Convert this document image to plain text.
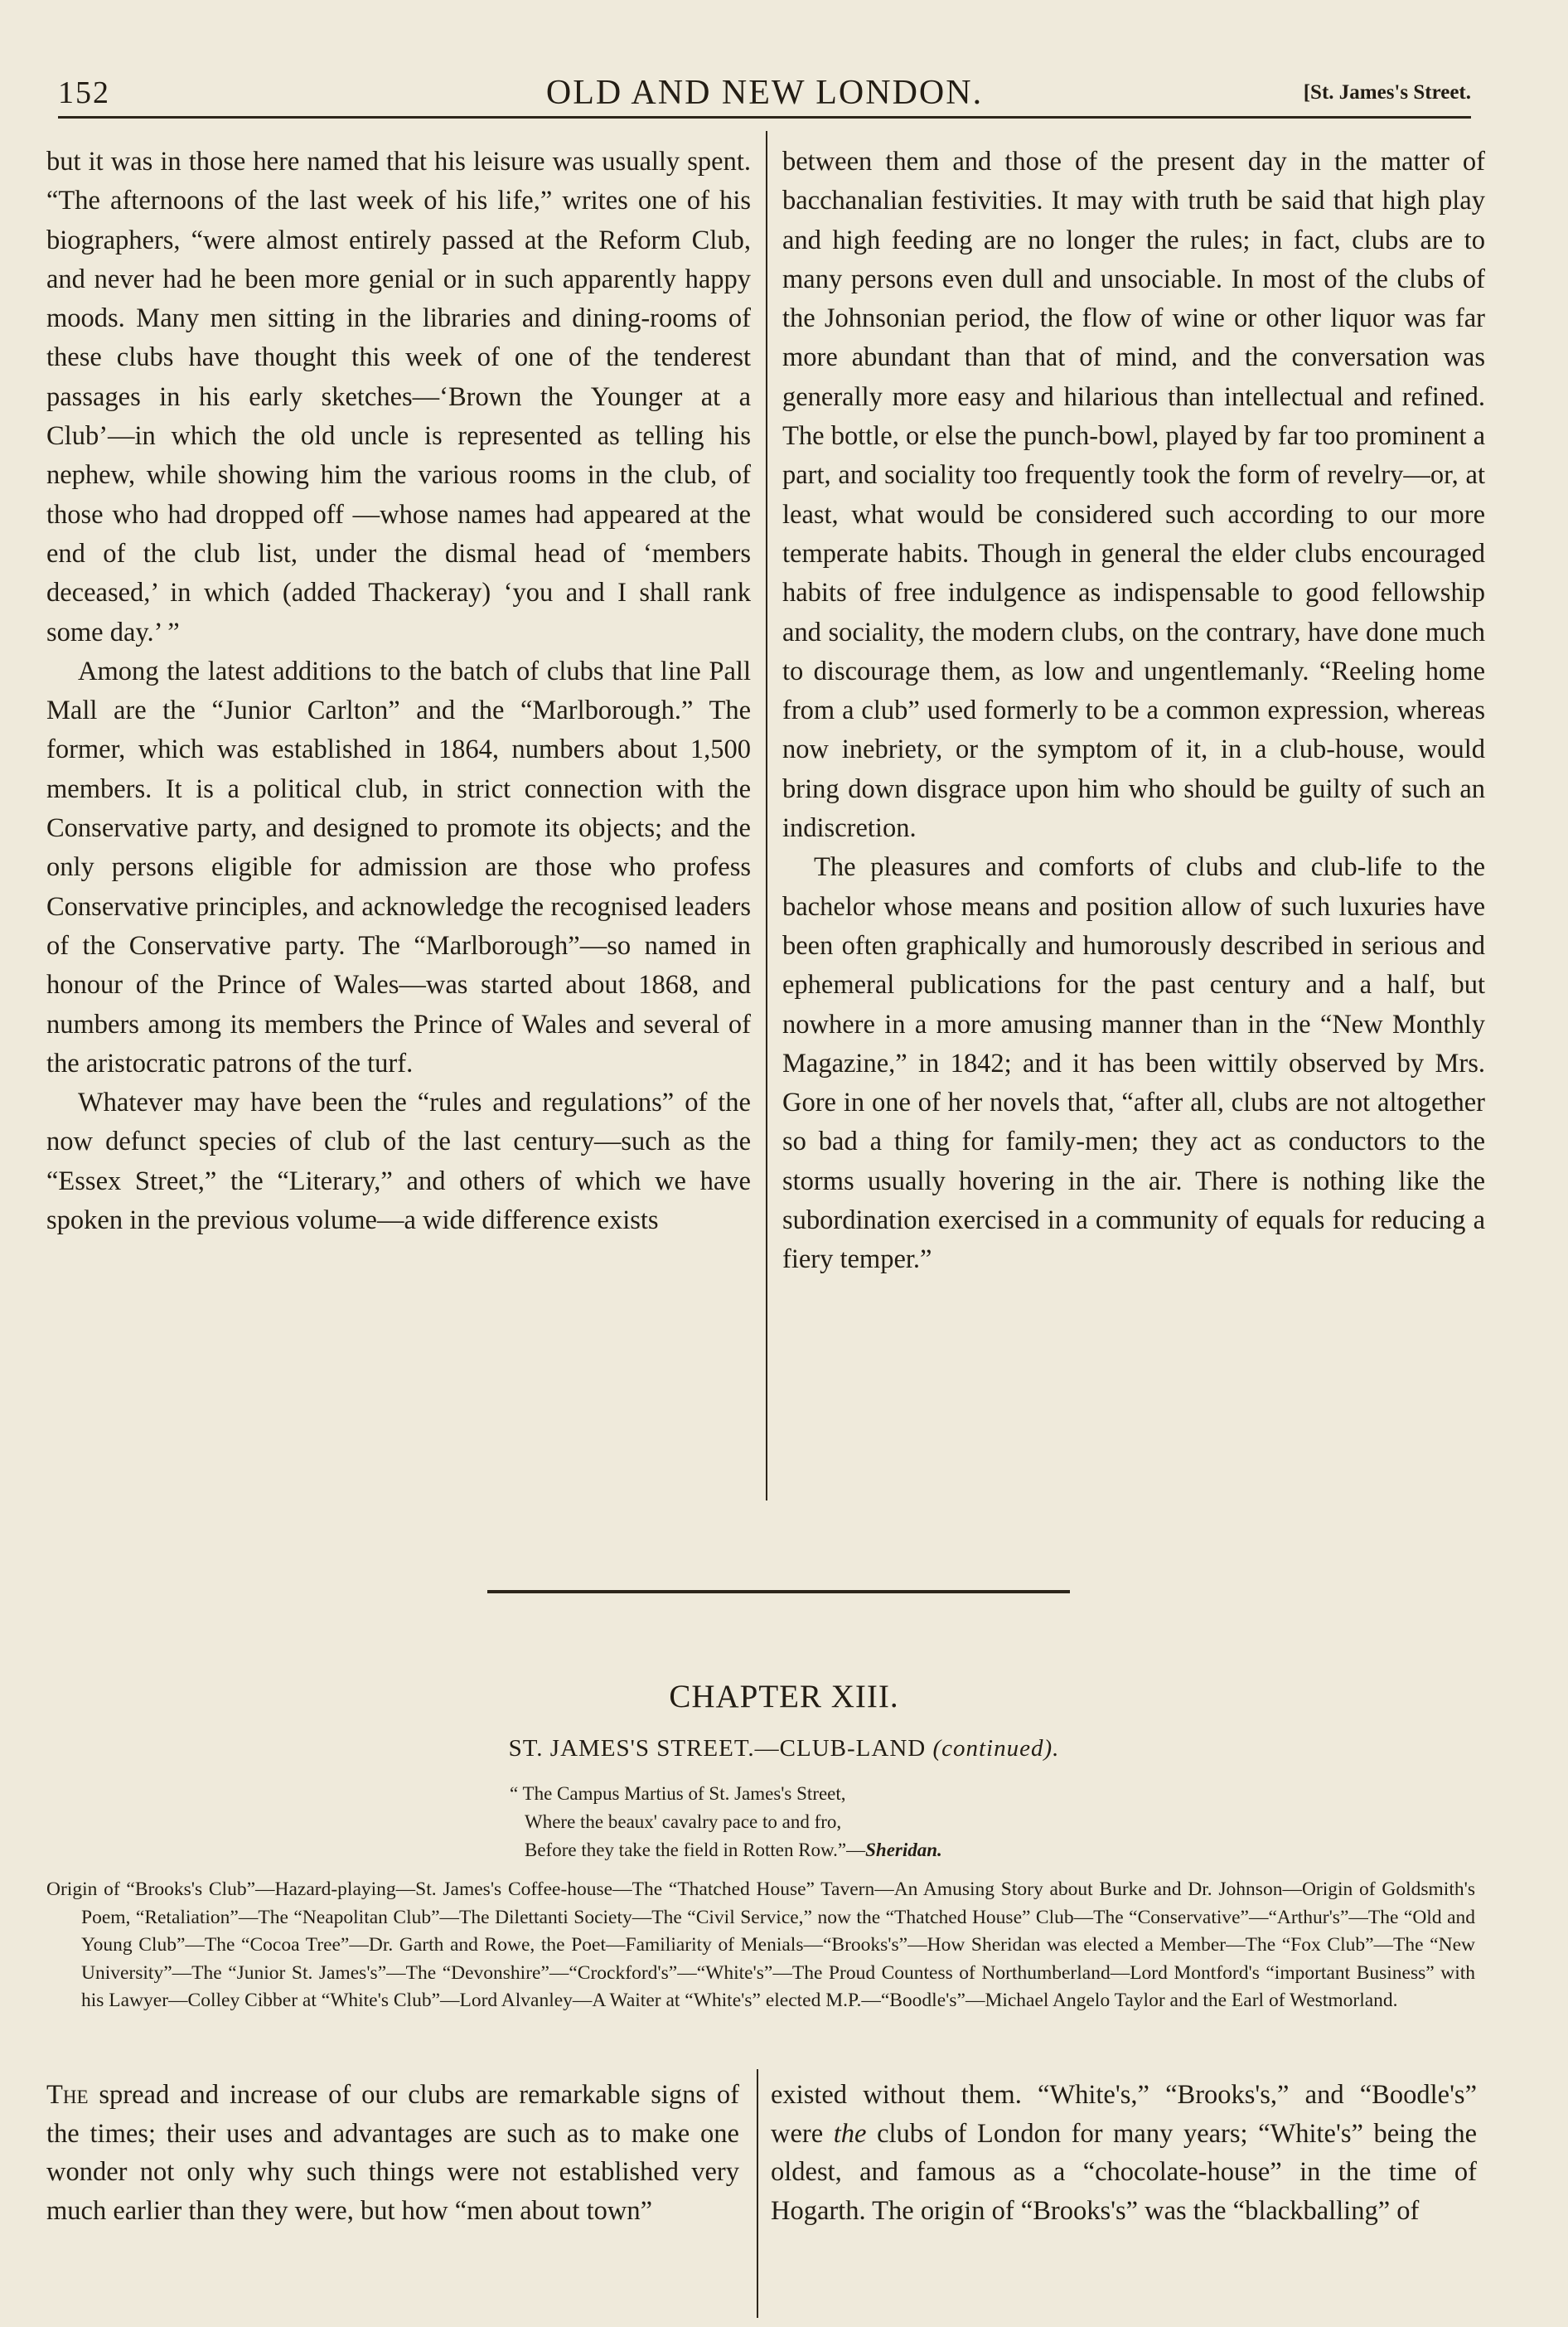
152	OLD AND NEW LONDON.	[St. James's Street.

but it was in those here named that his leisure was usually spent. “The afternoons of the last week of his life,” writes one of his biographers, “were almost entirely passed at the Reform Club, and never had he been more genial or in such apparently happy moods. Many men sitting in the libraries and dining-rooms of these clubs have thought this week of one of the tenderest passages in his early sketches—‘Brown the Younger at a Club’—in which the old uncle is represented as telling his nephew, while showing him the various rooms in the club, of those who had dropped off —whose names had appeared at the end of the club list, under the dismal head of ‘members deceased,’ in which (added Thackeray) ‘you and I shall rank some day.’ ”

Among the latest additions to the batch of clubs that line Pall Mall are the “Junior Carlton” and the “Marlborough.” The former, which was established in 1864, numbers about 1,500 members. It is a political club, in strict connection with the Conservative party, and designed to promote its objects; and the only persons eligible for admission are those who profess Conservative principles, and acknowledge the recognised leaders of the Conservative party. The “Marlborough”—so named in honour of the Prince of Wales—was started about 1868, and numbers among its members the Prince of Wales and several of the aristocratic patrons of the turf.

Whatever may have been the “rules and regulations” of the now defunct species of club of the last century—such as the “Essex Street,” the “Literary,” and others of which we have spoken in the previous volume—a wide difference exists

between them and those of the present day in the matter of bacchanalian festivities. It may with truth be said that high play and high feeding are no longer the rules; in fact, clubs are to many persons even dull and unsociable. In most of the clubs of the Johnsonian period, the flow of wine or other liquor was far more abundant than that of mind, and the conversation was generally more easy and hilarious than intellectual and refined. The bottle, or else the punch-bowl, played by far too prominent a part, and sociality too frequently took the form of revelry—or, at least, what would be considered such according to our more temperate habits. Though in general the elder clubs encouraged habits of free indulgence as indispensable to good fellowship and sociality, the modern clubs, on the contrary, have done much to discourage them, as low and ungentlemanly. “Reeling home from a club” used formerly to be a common expression, whereas now inebriety, or the symptom of it, in a club-house, would bring down disgrace upon him who should be guilty of such an indiscretion.

The pleasures and comforts of clubs and club-life to the bachelor whose means and position allow of such luxuries have been often graphically and humorously described in serious and ephemeral publications for the past century and a half, but nowhere in a more amusing manner than in the “New Monthly Magazine,” in 1842; and it has been wittily observed by Mrs. Gore in one of her novels that, “after all, clubs are not altogether so bad a thing for family-men; they act as conductors to the storms usually hovering in the air. There is nothing like the subordination exercised in a community of equals for reducing a fiery temper.”

CHAPTER XIII.
ST. JAMES'S STREET.—CLUB-LAND (continued).
“ The Campus Martius of St. James's Street,
Where the beaux' cavalry pace to and fro,
Before they take the field in Rotten Row.”—Sheridan.

Origin of “Brooks's Club”—Hazard-playing—St. James's Coffee-house—The “Thatched House” Tavern—An Amusing Story about Burke and Dr. Johnson—Origin of Goldsmith's Poem, “Retaliation”—The “Neapolitan Club”—The Dilettanti Society—The “Civil Service,” now the “Thatched House” Club—The “Conservative”—“Arthur's”—The “Old and Young Club”—The “Cocoa Tree”—Dr. Garth and Rowe, the Poet—Familiarity of Menials—“Brooks's”—How Sheridan was elected a Member—The “Fox Club”—The “New University”—The “Junior St. James's”—The “Devonshire”—“Crockford's”—“White's”—The Proud Countess of Northumberland—Lord Montford's “important Business” with his Lawyer—Colley Cibber at “White's Club”—Lord Alvanley—A Waiter at “White's” elected M.P.—“Boodle's”—Michael Angelo Taylor and the Earl of Westmorland.

The spread and increase of our clubs are remarkable signs of the times; their uses and advantages are such as to make one wonder not only why such things were not established very much earlier than they were, but how “men about town”

existed without them. “White's,” “Brooks's,” and “Boodle's” were the clubs of London for many years; “White's” being the oldest, and famous as a “chocolate-house” in the time of Hogarth. The origin of “Brooks's” was the “blackballing” of
